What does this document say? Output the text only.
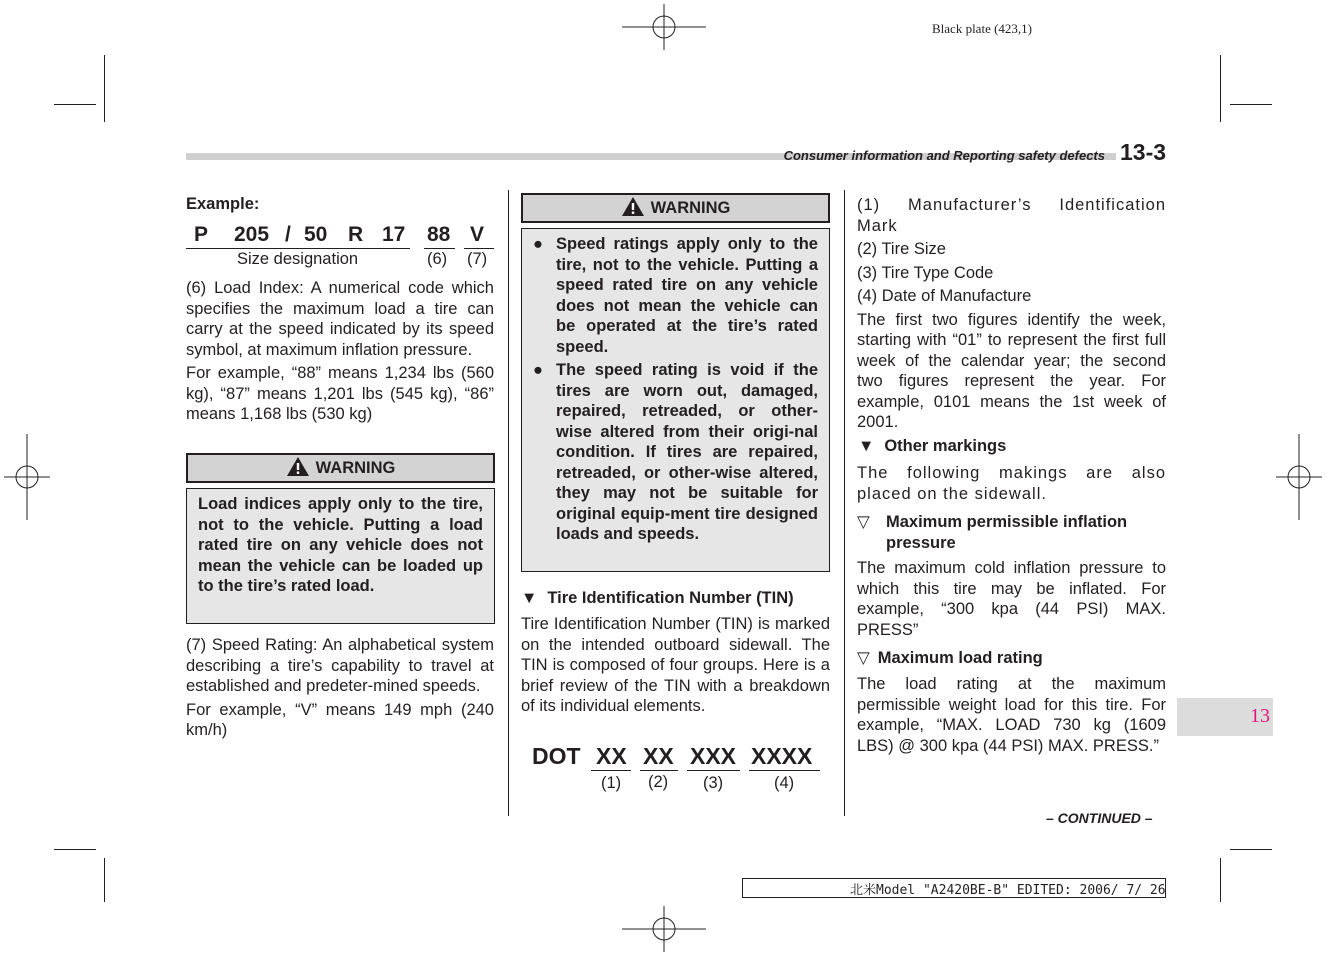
Black plate (423,1)
Consumer information and Reporting safety defects 13-3
Example:
P 205 / 50 R 17 88 V
Size designation	(6) (7)

(6) Load Index: A numerical code which specifies the maximum load a tire can carry at the speed indicated by its speed symbol, at maximum inflation pressure.

For example, “88” means 1,234 lbs (560 kg), “87” means 1,201 lbs (545 kg), “86” means 1,168 lbs (530 kg)

WARNING

Load indices apply only to the tire, not to the vehicle. Putting a load rated tire on any vehicle does not mean the vehicle can be loaded up to the tire’s rated load.

(7) Speed Rating: An alphabetical system describing a tire’s capability to travel at established and predeter-mined speeds.

For example, “V” means 149 mph (240 km/h)

WARNING
● Speed ratings apply only to the tire, not to the vehicle. Putting a speed rated tire on any vehicle does not mean the vehicle can be operated at the tire’s rated speed.

● The speed rating is void if the tires are worn out, damaged, repaired, retreaded, or other-wise altered from their origi-nal condition. If tires are repaired, retreaded, or other-wise altered, they may not be suitable for original equip-ment tire designed loads and speeds.

▼ Tire Identification Number (TIN)

Tire Identification Number (TIN) is marked on the intended outboard sidewall. The TIN is composed of four groups. Here is a brief review of the TIN with a breakdown of its individual elements.

DOT XX XX XXX XXXX
(1) (2) (3)	(4)

(1) Manufacturer’s Identification Mark

(2) Tire Size

(3) Tire Type Code

(4) Date of Manufacture

The first two figures identify the week, starting with “01” to represent the first full week of the calendar year; the second two figures represent the year. For example, 0101 means the 1st week of 2001.

▼ Other markings

The following makings are also placed on the sidewall.

▽ Maximum permissible inflation pressure

The maximum cold inflation pressure to which this tire may be inflated. For example, “300 kpa (44 PSI) MAX. PRESS”

▽ Maximum load rating

The load rating at the maximum permissible weight load for this tire. For example, “MAX. LOAD 730 kg (1609 LBS) @ 300 kpa (44 PSI) MAX. PRESS.”

13
– CONTINUED –
北米Model "A2420BE-B" EDITED: 2006/ 7/ 26
